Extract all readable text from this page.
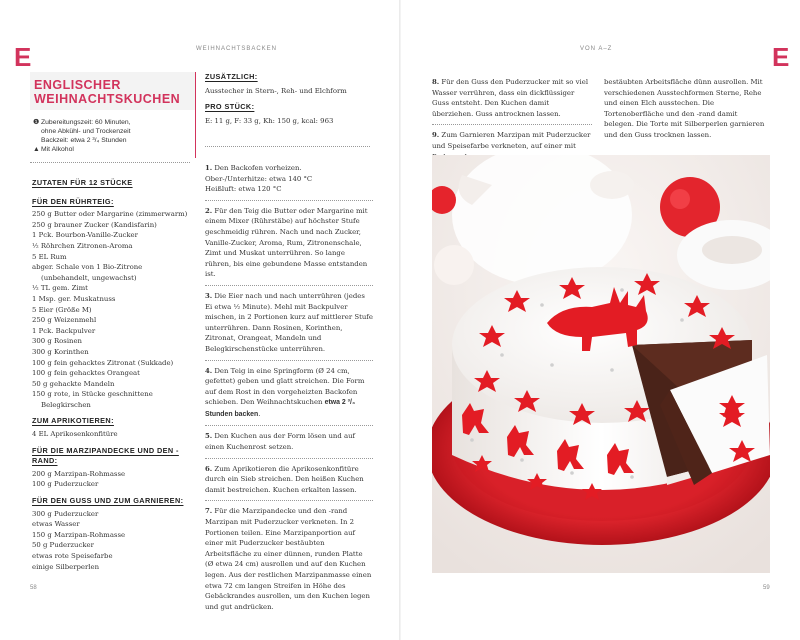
E	E
WEIHNACHTSBACKEN	VON A–Z
58	59
ENGLISCHER
WEIHNACHTSKUCHEN
❶ Zubereitungszeit: 60 Minuten,
ohne Abkühl- und Trockenzeit
Backzeit: etwa 2 ³/₄ Stunden
▲ Mit Alkohol
ZUTATEN FÜR 12 STÜCKE
FÜR DEN RÜHRTEIG:
250 g Butter oder Margarine (zimmerwarm)
250 g brauner Zucker (Kandisfarin)
1 Pck. Bourbon-Vanille-Zucker
½ Röhrchen Zitronen-Aroma
5 EL Rum
abger. Schale von 1 Bio-Zitrone
(unbehandelt, ungewachst)
½ TL gem. Zimt
1 Msp. ger. Muskatnuss
5 Eier (Größe M)
250 g Weizenmehl
1 Pck. Backpulver
300 g Rosinen
300 g Korinthen
100 g fein gehacktes Zitronat (Sukkade)
100 g fein gehacktes Orangeat
50 g gehackte Mandeln
150 g rote, in Stücke geschnittene
Belegkirschen
ZUM APRIKOTIEREN:
4 EL Aprikosenkonfitüre
FÜR DIE MARZIPANDECKE UND DEN -RAND:
200 g Marzipan-Rohmasse
100 g Puderzucker
FÜR DEN GUSS UND ZUM GARNIEREN:
300 g Puderzucker
etwas Wasser
150 g Marzipan-Rohmasse
50 g Puderzucker
etwas rote Speisefarbe
einige Silberperlen
ZUSÄTZLICH:
Ausstecher in Stern-, Reh- und Elchform
PRO STÜCK:
E: 11 g, F: 33 g, Kh: 150 g, kcal: 963
1. Den Backofen vorheizen.
Ober-/Unterhitze: etwa 140 °C
Heißluft: etwa 120 °C
2. Für den Teig die Butter oder Margarine mit einem Mixer (Rührstäbe) auf höchster Stufe geschmeidig rühren. Nach und nach Zucker, Vanille-Zucker, Aroma, Rum, Zitronenschale, Zimt und Muskat unterrühren. So lange rühren, bis eine gebundene Masse entstanden ist.
3. Die Eier nach und nach unterrühren (jedes Ei etwa ½ Minute). Mehl mit Backpulver mischen, in 2 Portionen kurz auf mittlerer Stufe unterrühren. Dann Rosinen, Korinthen, Zitronat, Orangeat, Mandeln und Belegkirschenstücke unterrühren.
4. Den Teig in eine Springform (Ø 24 cm, gefettet) geben und glatt streichen. Die Form auf dem Rost in den vorgeheizten Backofen schieben. Den Weihnachtskuchen etwa 2 ³/₄ Stunden backen.
5. Den Kuchen aus der Form lösen und auf einen Kuchenrost setzen.
6. Zum Aprikotieren die Aprikosenkonfitüre durch ein Sieb streichen. Den heißen Kuchen damit bestreichen. Kuchen erkalten lassen.
7. Für die Marzipandecke und den -rand Marzipan mit Puderzucker verkneten. In 2 Portionen teilen. Eine Marzipanportion auf einer mit Puderzucker bestäubten Arbeitsfläche zu einer dünnen, runden Platte (Ø etwa 24 cm) ausrollen und auf den Kuchen legen. Aus der restlichen Marzipanmasse einen etwa 72 cm langen Streifen in Höhe des Gebäckrandes ausrollen, um den Kuchen legen und gut andrücken.
8. Für den Guss den Puderzucker mit so viel Wasser verrühren, dass ein dickflüssiger Guss entsteht. Den Kuchen damit überziehen. Guss antrocknen lassen.
9. Zum Garnieren Marzipan mit Puderzucker und Speisefarbe verkneten, auf einer mit
bestäubten Arbeitsfläche dünn ausrollen. Mit verschiedenen Ausstechformen Sterne, Rehe und einen Elch ausstechen. Die Tortenoberfläche und den -rand damit belegen. Die Torte mit Silberperlen garnieren und den Guss trocknen lassen.
